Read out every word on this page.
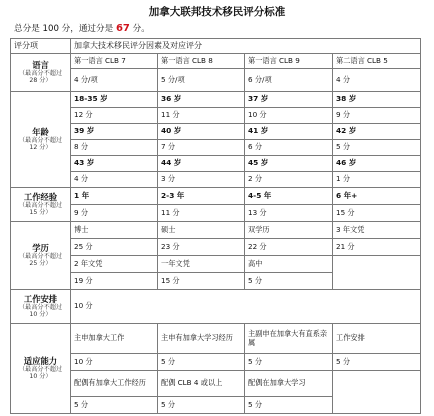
加拿大联邦技术移民评分标准
总分是 100 分，通过分是 67 分。
评分项	加拿大技术移民评分因素及对应评分			

语言
（最高分不超过 28 分）	第一语言 CLB 7	第一语言 CLB 8	第一语言 CLB 9	第二语言 CLB 5
	4 分/项	5 分/项	6 分/项	4 分

年龄
（最高分不超过 12 分）	18-35 岁	36 岁	37 岁	38 岁
	12 分	11 分	10 分	9 分
	39 岁	40 岁	41 岁	42 岁
	8 分	7 分	6 分	5 分
	43 岁	44 岁	45 岁	46 岁
	4 分	3 分	2 分	1 分

工作经验
（最高分不超过 15 分）	1 年	2-3 年	4-5 年	6 年+
	9 分	11 分	13 分	15 分

学历
（最高分不超过 25 分）	博士	硕士	双学历	3 年文凭
	25 分	23 分	22 分	21 分
	2 年文凭	一年文凭	高中	
	19 分	15 分	5 分	

工作安排
（最高分不超过 10 分）	10 分			

适应能力
（最高分不超过 10 分）	主申加拿大工作	主申有加拿大学习经历	主副申在加拿大有直系亲属	工作安排
	10 分	5 分	5 分	5 分
	配偶有加拿大工作经历	配偶 CLB 4 或以上	配偶在加拿大学习	
	5 分	5 分	5 分	
